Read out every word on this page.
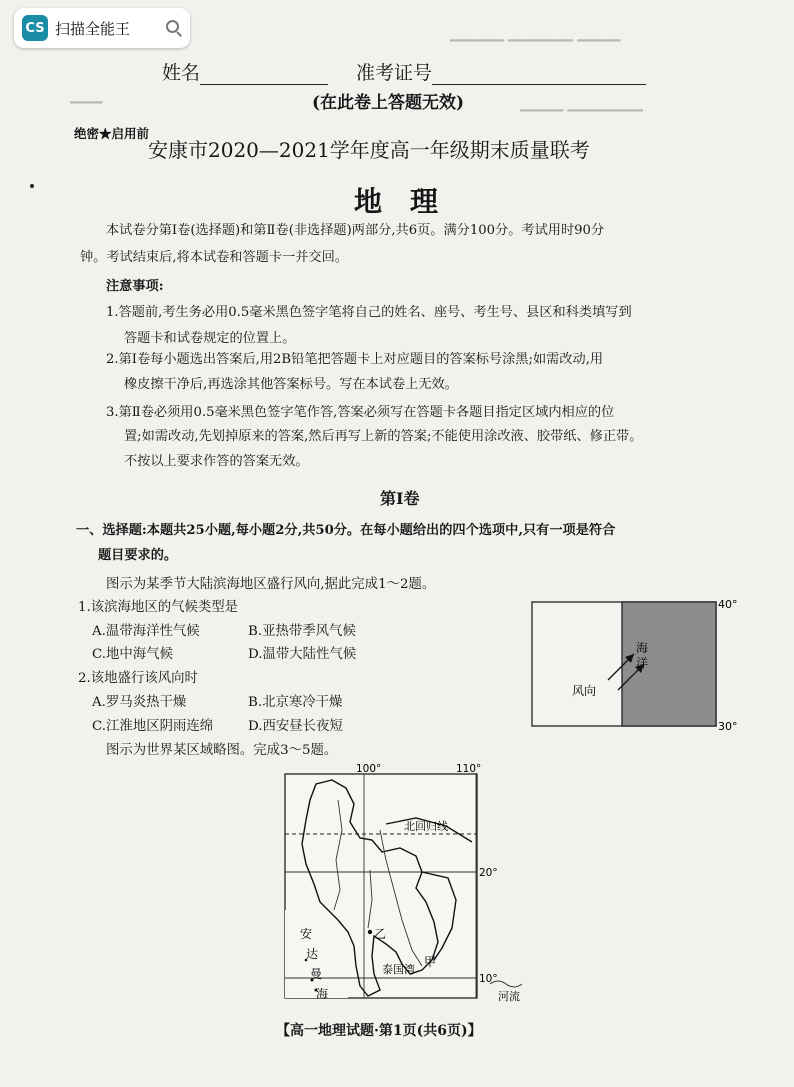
CS 扫描全能王	▁▁▁▁▁ ▁▁▁▁▁▁ ▁▁▁▁
▁▁▁	▁▁▁▁ ▁▁▁▁▁▁▁
姓名	准考证号
(在此卷上答题无效)
绝密★启用前
安康市2020—2021学年度高一年级期末质量联考
地　理
本试卷分第Ⅰ卷(选择题)和第Ⅱ卷(非选择题)两部分,共6页。满分100分。考试用时90分
钟。考试结束后,将本试卷和答题卡一并交回。
注意事项:
1.答题前,考生务必用0.5毫米黑色签字笔将自己的姓名、座号、考生号、县区和科类填写到
答题卡和试卷规定的位置上。
2.第Ⅰ卷每小题选出答案后,用2B铅笔把答题卡上对应题目的答案标号涂黑;如需改动,用
橡皮擦干净后,再选涂其他答案标号。写在本试卷上无效。
3.第Ⅱ卷必须用0.5毫米黑色签字笔作答,答案必须写在答题卡各题目指定区域内相应的位
置;如需改动,先划掉原来的答案,然后再写上新的答案;不能使用涂改液、胶带纸、修正带。
不按以上要求作答的答案无效。
第Ⅰ卷
一、选择题:本题共25小题,每小题2分,共50分。在每小题给出的四个选项中,只有一项是符合
题目要求的。
图示为某季节大陆滨海地区盛行风向,据此完成1～2题。
1.该滨海地区的气候类型是
A.温带海洋性气候	B.亚热带季风气候
C.地中海气候	D.温带大陆性气候
2.该地盛行该风向时
A.罗马炎热干燥	B.北京寒冷干燥
C.江淮地区阴雨连绵	D.西安昼长夜短
海洋
风向
40°
30°
图示为世界某区域略图。完成3～5题。
100°	110°
北回归线
20°
10°
安
达
曼
海
乙
甲
泰国湾
河流
【高一地理试题·第1页(共6页)】
